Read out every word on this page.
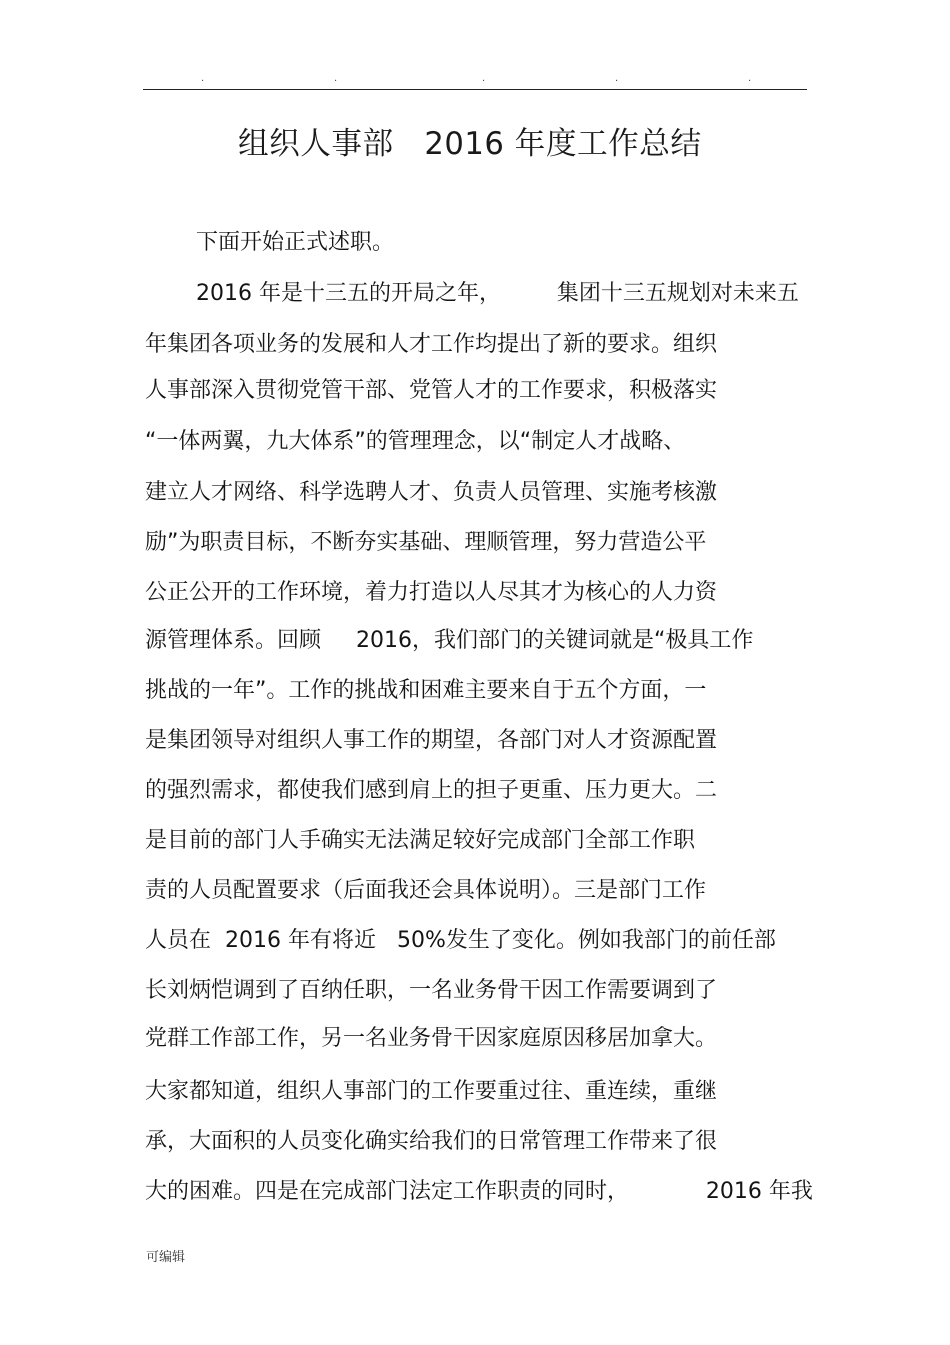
.	.	.	.	.
组织人事部   2016 年度工作总结
下面开始正式述职。
2016 年是十三五的开局之年，        集团十三五规划对未来五
年集团各项业务的发展和人才工作均提出了新的要求。组织
人事部深入贯彻党管干部、党管人才的工作要求，积极落实
“一体两翼，九大体系”的管理理念，以“制定人才战略、
建立人才网络、科学选聘人才、负责人员管理、实施考核激
励”为职责目标，不断夯实基础、理顺管理，努力营造公平
公正公开的工作环境，着力打造以人尽其才为核心的人力资
源管理体系。回顾     2016，我们部门的关键词就是“极具工作
挑战的一年”。工作的挑战和困难主要来自于五个方面，一
是集团领导对组织人事工作的期望，各部门对人才资源配置
的强烈需求，都使我们感到肩上的担子更重、压力更大。二
是目前的部门人手确实无法满足较好完成部门全部工作职
责的人员配置要求（后面我还会具体说明）。三是部门工作
人员在  2016 年有将近   50%发生了变化。例如我部门的前任部
长刘炳恺调到了百纳任职，一名业务骨干因工作需要调到了
党群工作部工作，另一名业务骨干因家庭原因移居加拿大。
大家都知道，组织人事部门的工作要重过往、重连续，重继
承，大面积的人员变化确实给我们的日常管理工作带来了很
大的困难。四是在完成部门法定工作职责的同时，           2016 年我
可编辑
